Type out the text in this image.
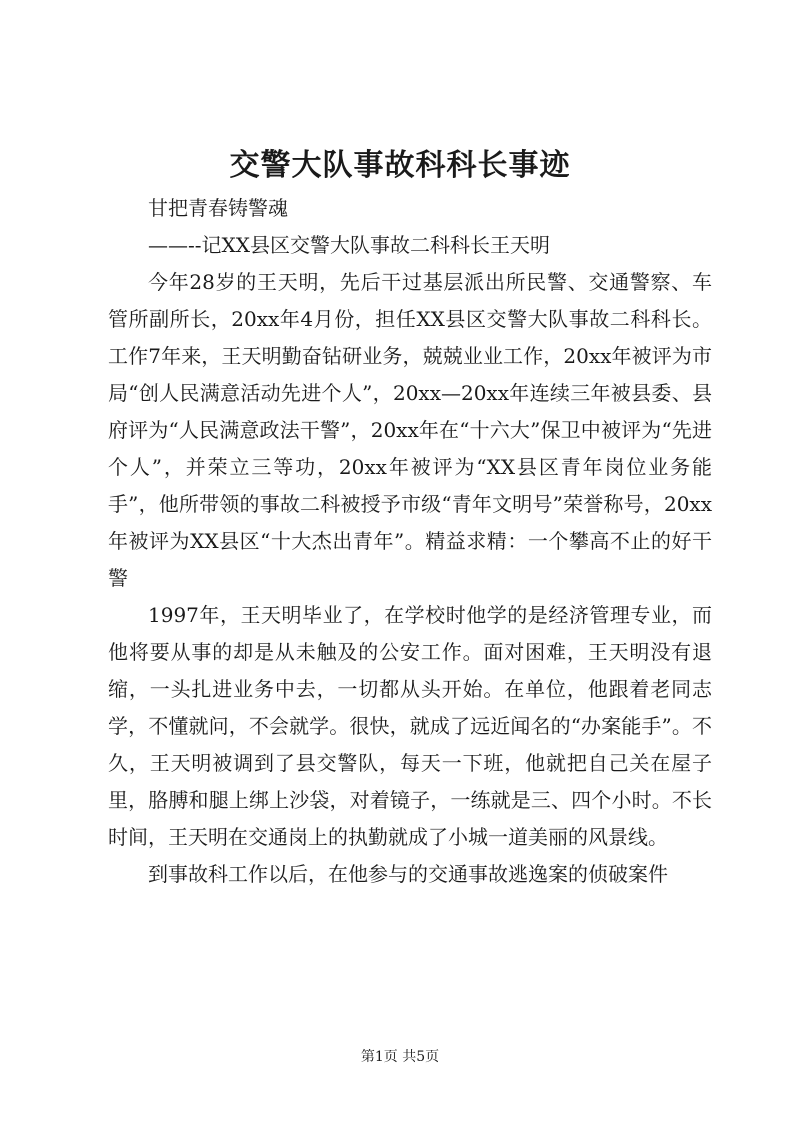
交警大队事故科科长事迹

甘把青春铸警魂

——--记XX县区交警大队事故二科科长王天明

今年28岁的王天明，先后干过基层派出所民警、交通警察、车管所副所长，20xx年4月份，担任XX县区交警大队事故二科科长。工作7年来，王天明勤奋钻研业务，兢兢业业工作，20xx年被评为市局“创人民满意活动先进个人”，20xx—20xx年连续三年被县委、县府评为“人民满意政法干警”，20xx年在“十六大”保卫中被评为“先进个人”，并荣立三等功，20xx年被评为“XX县区青年岗位业务能手”，他所带领的事故二科被授予市级“青年文明号”荣誉称号，20xx年被评为XX县区“十大杰出青年”。精益求精：一个攀高不止的好干警

1997年，王天明毕业了，在学校时他学的是经济管理专业，而他将要从事的却是从未触及的公安工作。面对困难，王天明没有退缩，一头扎进业务中去，一切都从头开始。在单位，他跟着老同志学，不懂就问，不会就学。很快，就成了远近闻名的“办案能手”。不久，王天明被调到了县交警队，每天一下班，他就把自己关在屋子里，胳膊和腿上绑上沙袋，对着镜子，一练就是三、四个小时。不长时间，王天明在交通岗上的执勤就成了小城一道美丽的风景线。

到事故科工作以后，在他参与的交通事故逃逸案的侦破案件

第1页 共5页
